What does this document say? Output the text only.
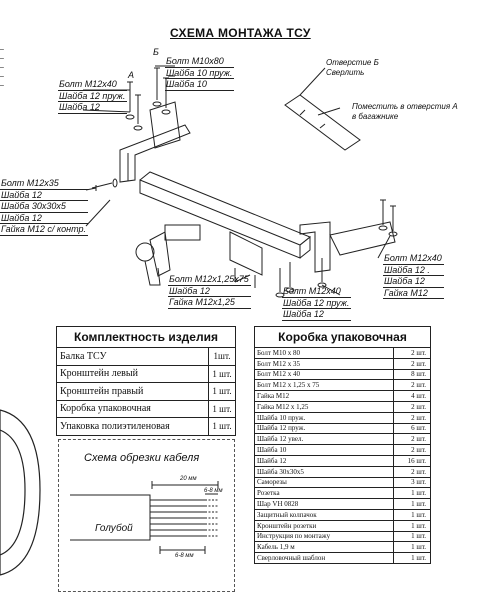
–
–
–
–
–
СХЕМА МОНТАЖА ТСУ
А
Б
Болт М10х80
Шайба 10 пруж.
Шайба 10
Болт М12х40
Шайба 12 пруж.
Шайба 12
Болт М12х35
Шайба 12
Шайба 30х30х5
Шайба 12
Гайка М12 с/ контр.
Болт М12х1,25х75
Шайба 12
Гайка М12х1,25
Болт М12х40
Шайба 12 пруж.
Шайба 12
Болт М12х40
Шайба 12 .
Шайба 12
Гайка М12
Отверстие Б
Сверлить
Поместить в отверстия А
в багажнике
Комплектность изделия	
Балка ТСУ	1шт.
Кронштейн левый	1 шт.
Кронштейн правый	1 шт.
Коробка упаковочная	1 шт.
Упаковка полиэтиленовая	1 шт.
Коробка упаковочная	
Болт М10 х 80	2 шт.
Болт М12 х 35	2 шт.
Болт М12 х 40	8 шт.
Болт М12 х 1,25 х 75	2 шт.
Гайка М12	4 шт.
Гайка М12 х 1,25	2 шт.
Шайба 10 пруж.	2 шт.
Шайба 12 пруж.	6 шт.
Шайба 12 увел.	2 шт.
Шайба 10	2 шт.
Шайба 12	16 шт.
Шайба 30х30х5	2 шт.
Саморезы	3 шт.
Розетка	1 шт.
Шар VH 0828	1 шт.
Защитный колпачок	1 шт.
Кронштейн розетки	1 шт.
Инструкция по монтажу	1 шт.
Кабель 1,9 м	1 шт.
Сверловочный шаблон	1 шт.
Схема обрезки кабеля
20 мм
6-8 мм
6-8 мм
Голубой
